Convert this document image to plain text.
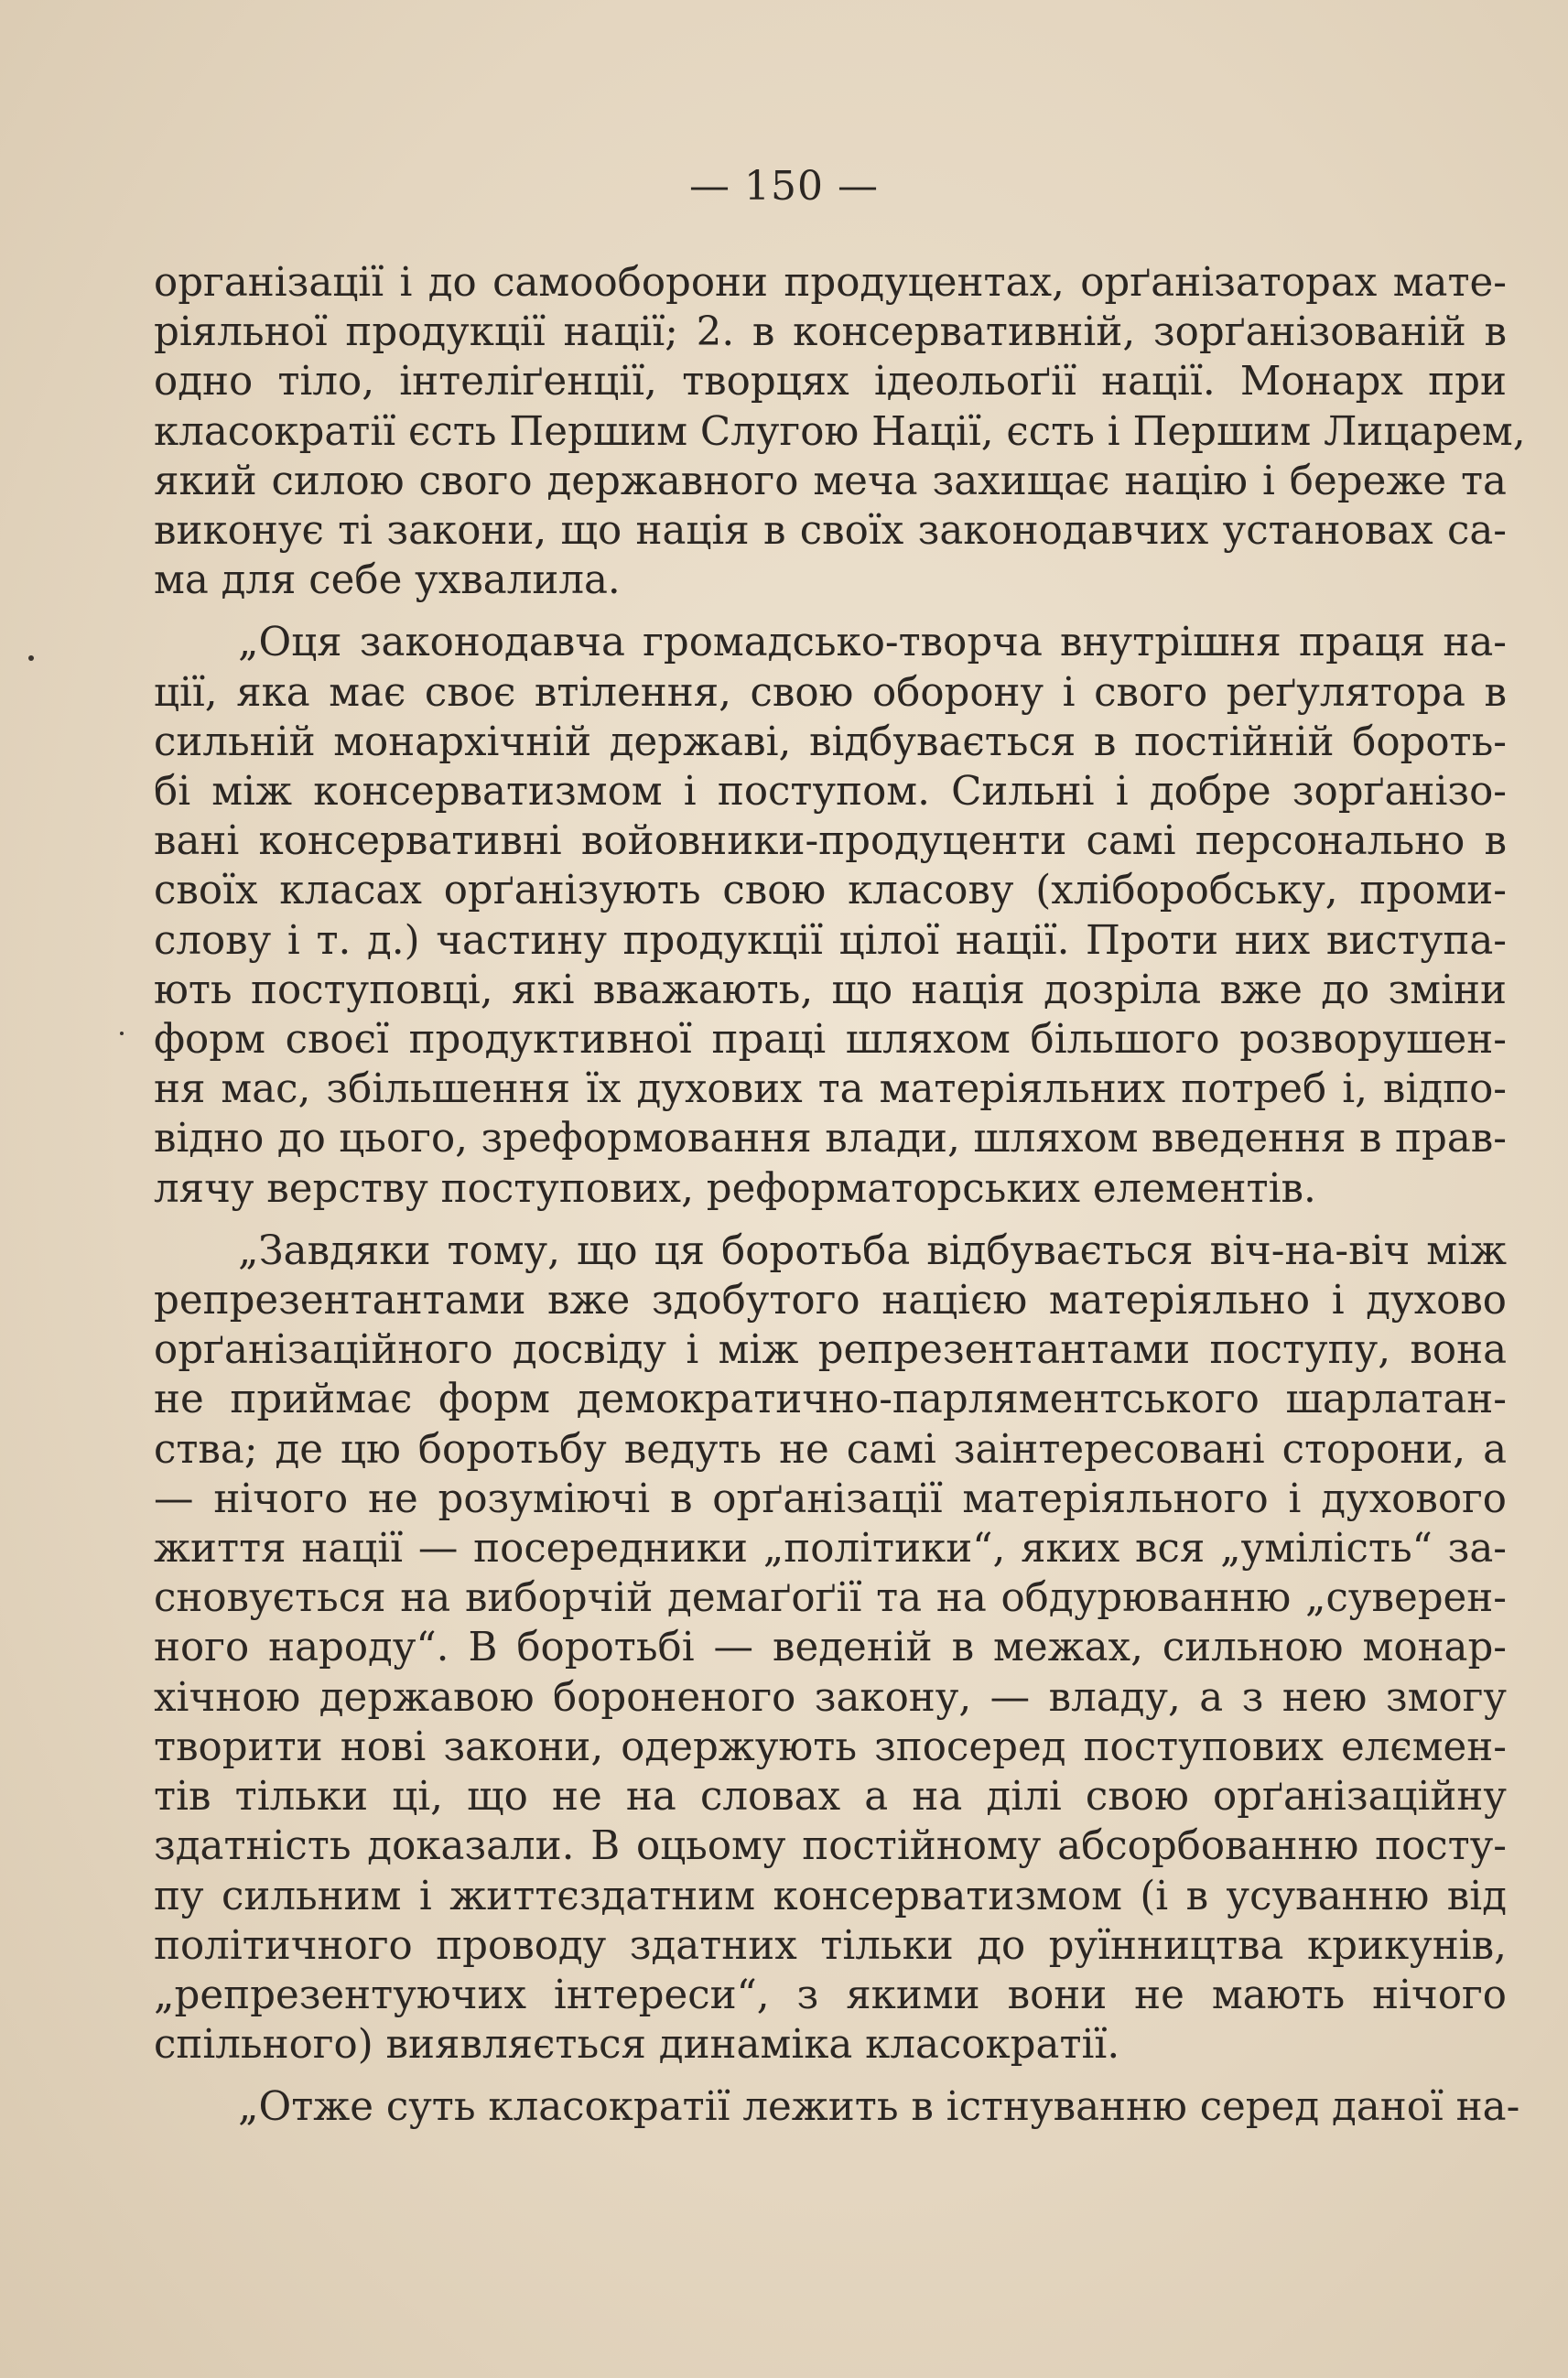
— 150 —
організації і до самооборони продуцентах, орґанізаторах мате-
ріяльної продукції нації; 2. в консервативній, зорґанізованій в
одно тіло, інтеліґенції, творцях ідеольоґії нації. Монарх при
класократії єсть Першим Слугою Нації, єсть і Першим Лицарем,
який силою свого державного меча захищає націю і береже та
виконує ті закони, що нація в своїх законодавчих установах са-
ма для себе ухвалила.
„Оця законодавча громадсько-творча внутрішня праця на-
ції, яка має своє втілення, свою оборону і свого реґулятора в
сильній монархічній державі, відбувається в постійній бороть-
бі між консерватизмом і поступом. Сильні і добре зорґанізо-
вані консервативні войовники-продуценти самі персонально в
своїх класах орґанізують свою класову (хліборобську, проми-
слову і т. д.) частину продукції цілої нації. Проти них виступа-
ють поступовці, які вважають, що нація дозріла вже до зміни
форм своєї продуктивної праці шляхом більшого розворушен-
ня мас, збільшення їх духових та матеріяльних потреб і, відпо-
відно до цього, зреформовання влади, шляхом введення в прав-
лячу верству поступових, реформаторських елементів.
„Завдяки тому, що ця боротьба відбувається віч-на-віч між
репрезентантами вже здобутого нацією матеріяльно і духово
орґанізаційного досвіду і між репрезентантами поступу, вона
не приймає форм демократично-парляментського шарлатан-
ства; де цю боротьбу ведуть не самі заінтересовані сторони, а
— нічого не розуміючі в орґанізації матеріяльного і духового
життя нації — посередники „політики“, яких вся „умілість“ за-
сновується на виборчій демаґоґії та на обдурюванню „суверен-
ного народу“. В боротьбі — веденій в межах, сильною монар-
хічною державою бороненого закону, — владу, а з нею змогу
творити нові закони, одержують зпосеред поступових елємен-
тів тільки ці, що не на словах а на ділі свою орґанізаційну
здатність доказали. В оцьому постійному абсорбованню посту-
пу сильним і життєздатним консерватизмом (і в усуванню від
політичного проводу здатних тільки до руїнництва крикунів,
„репрезентуючих інтереси“, з якими вони не мають нічого
спільного) виявляється динаміка класократії.
„Отже суть класократії лежить в істнуванню серед даної на-
